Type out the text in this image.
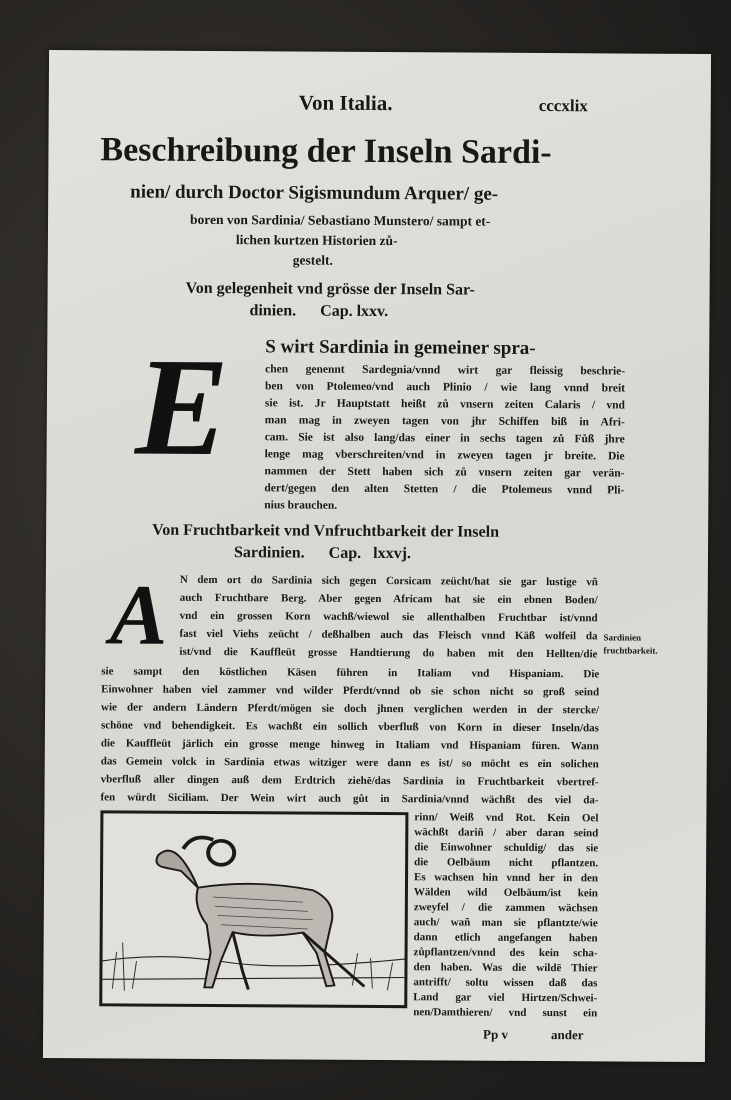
Von Italia.	cccxlix
Beschreibung der Inseln Sardi-
nien/ durch Doctor Sigismundum Arquer/ ge-
boren von Sardinia/ Sebastiano Munstero/ sampt et-
lichen kurtzen Historien zů-
gestelt.
Von gelegenheit vnd grösse der Inseln Sar-
dinien.      Cap. lxxv.
E	S wirt Sardinia in gemeiner spra-
chen genennt Sardegnia/vnnd wirt gar fleissig beschrie-
ben von Ptolemeo/vnd auch Plinio / wie lang vnnd breit
sie ist. Jr Hauptstatt heißt zů vnsern zeiten Calaris / vnd
man mag in zweyen tagen von jhr Schiffen biß in Afri-
cam. Sie ist also lang/das einer in sechs tagen zů Fůß jhre
lenge mag vberschreiten/vnd in zweyen tagen jr breite. Die
nammen der Stett haben sich zů vnsern zeiten gar verän-
dert/gegen den alten Stetten / die Ptolemeus vnnd Pli-
nius brauchen.
Von Fruchtbarkeit vnd Vnfruchtbarkeit der Inseln
Sardinien.      Cap.   lxxvj.
A	N dem ort do Sardinia sich gegen Corsicam zeücht/hat sie gar lustige vñ
auch Fruchtbare Berg. Aber gegen Africam hat sie ein ebnen Boden/
vnd ein grossen Korn wachß/wiewol sie allenthalben Fruchtbar ist/vnnd
fast viel Viehs zeücht / deßhalben auch das Fleisch vnnd Käß wolfeil da
ist/vnd die Kauffleüt grosse Handtierung do haben mit den Hellten/die
Sardinien
fruchtbarkeit.
sie sampt den köstlichen Käsen führen in Italiam vnd Hispaniam. Die
Einwohner haben viel zammer vnd wilder Pferdt/vnnd ob sie schon nicht so groß seind
wie der andern Ländern Pferdt/mögen sie doch jhnen verglichen werden in der stercke/
schöne vnd behendigkeit. Es wachßt ein sollich vberfluß von Korn in dieser Inseln/das
die Kauffleüt järlich ein grosse menge hinweg in Italiam vnd Hispaniam füren. Wann
das Gemein volck in Sardinia etwas witziger were dann es ist/ so möcht es ein solichen
vberfluß aller dingen auß dem Erdtrich ziehē/das Sardinia in Fruchtbarkeit vbertref-
fen würdt Siciliam. Der Wein wirt auch gůt in Sardinia/vnnd wächßt des viel da-
rinn/ Weiß vnd Rot. Kein Oel
wächßt dariñ / aber daran seind
die Einwohner schuldig/ das sie
die Oelbäum nicht pflantzen.
Es wachsen hin vnnd her in den
Wälden wild Oelbäum/ist kein
zweyfel / die zammen wächsen
auch/ wañ man sie pflantzte/wie
dann etlich angefangen haben
zůpflantzen/vnnd des kein scha-
den haben. Was die wildē Thier
antrifft/ soltu wissen daß das
Land gar viel Hirtzen/Schwei-
nen/Damthieren/ vnd sunst ein
Pp v	ander
